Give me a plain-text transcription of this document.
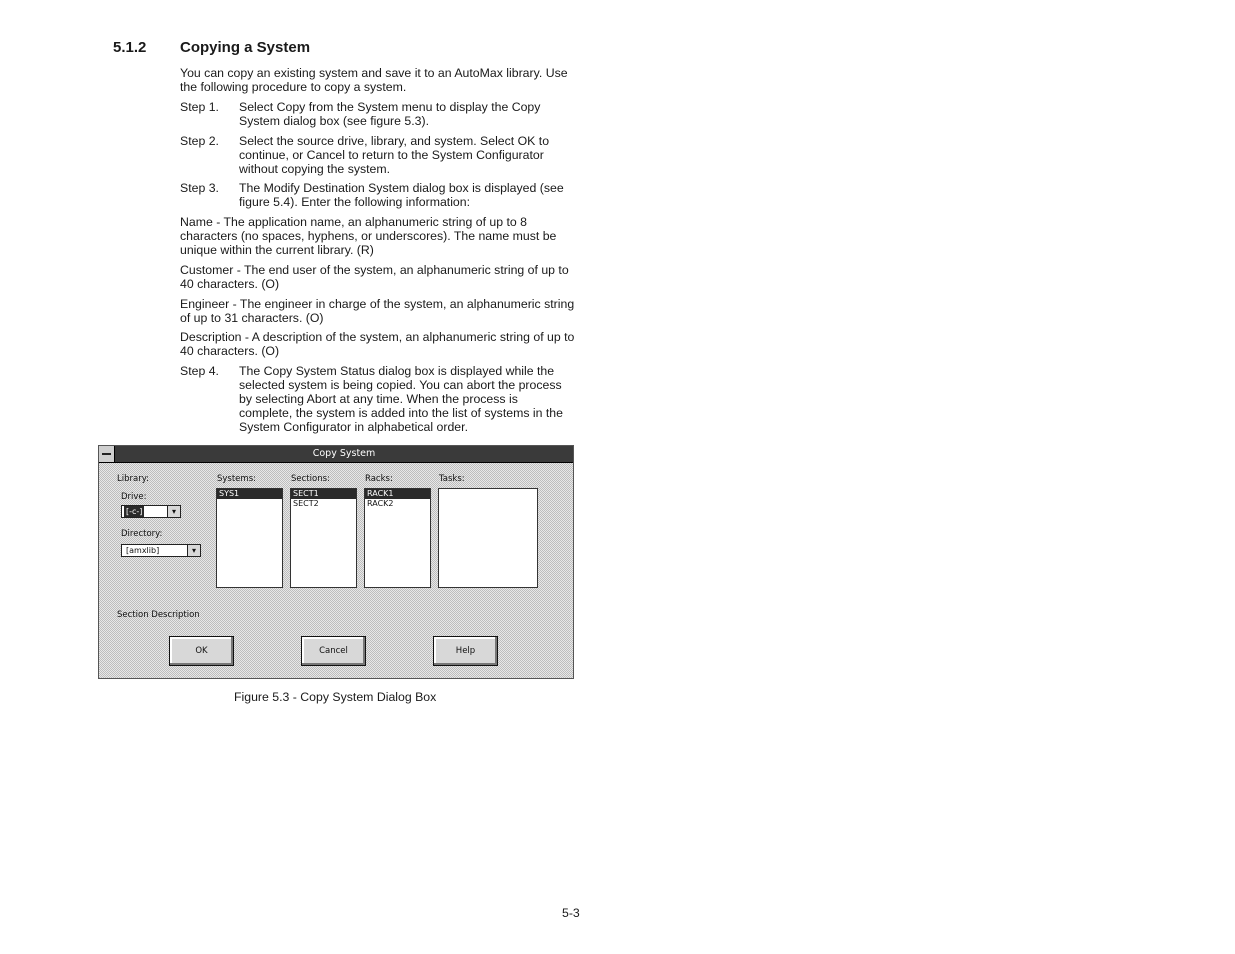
5.1.2 Copying a System
You can copy an existing system and save it to an AutoMax library. Use the following procedure to copy a system.
Step 1. Select Copy from the System menu to display the Copy System dialog box (see figure 5.3).
Step 2. Select the source drive, library, and system. Select OK to continue, or Cancel to return to the System Configurator without copying the system.
Step 3. The Modify Destination System dialog box is displayed (see figure 5.4). Enter the following information:
Name - The application name, an alphanumeric string of up to 8 characters (no spaces, hyphens, or underscores). The name must be unique within the current library. (R)
Customer - The end user of the system, an alphanumeric string of up to 40 characters. (O)
Engineer - The engineer in charge of the system, an alphanumeric string of up to 31 characters. (O)
Description - A description of the system, an alphanumeric string of up to 40 characters. (O)
Step 4. The Copy System Status dialog box is displayed while the selected system is being copied. You can abort the process by selecting Abort at any time. When the process is complete, the system is added into the list of systems in the System Configurator in alphabetical order.
Copy System
Library:
Drive:
[-c-]	▾
Directory:
[amxlib]	▾
Systems:
SYS1
Sections:
SECT1
SECT2
Racks:
RACK1
RACK2
Tasks:
Section Description
OK	Cancel	Help
Figure 5.3 - Copy System Dialog Box
5-3
